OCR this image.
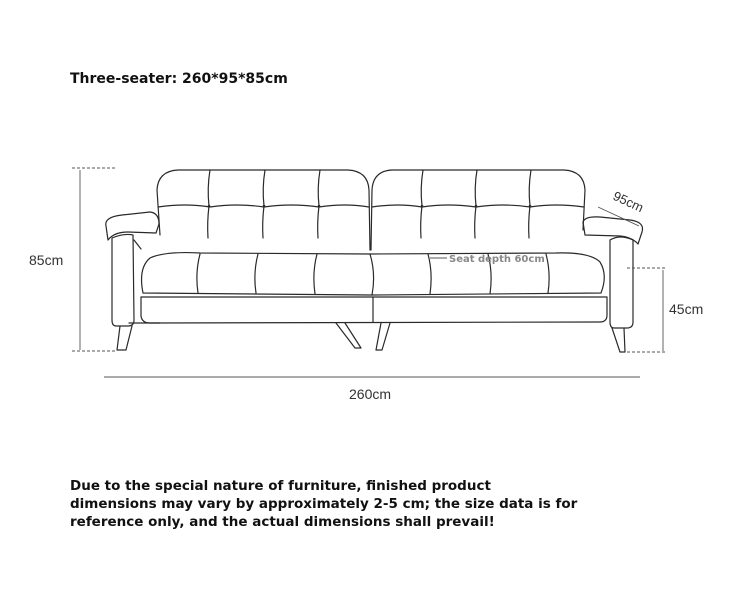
Three-seater: 260*95*85cm
85cm
95cm
Seat depth 60cm
45cm
260cm
Due to the special nature of furniture, finished product
dimensions may vary by approximately 2-5 cm; the size data is for
reference only, and the actual dimensions shall prevail!
